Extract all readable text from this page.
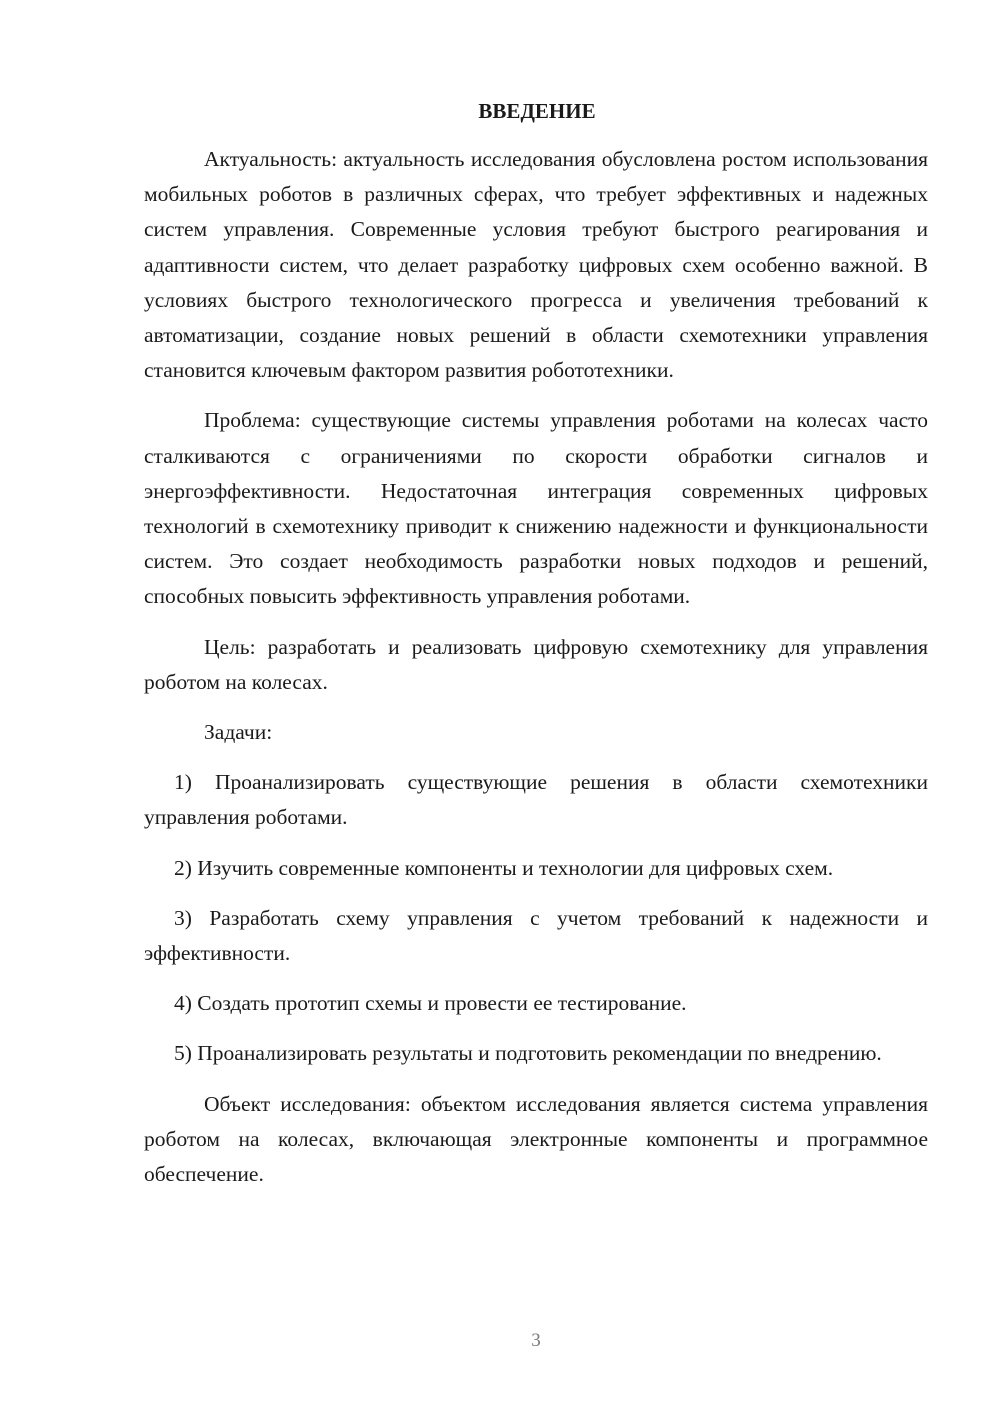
ВВЕДЕНИЕ

Актуальность: актуальность исследования обусловлена ростом использования мобильных роботов в различных сферах, что требует эффективных и надежных систем управления. Современные условия требуют быстрого реагирования и адаптивности систем, что делает разработку цифровых схем особенно важной. В условиях быстрого технологического прогресса и увеличения требований к автоматизации, создание новых решений в области схемотехники управления становится ключевым фактором развития робототехники.

Проблема: существующие системы управления роботами на колесах часто сталкиваются с ограничениями по скорости обработки сигналов и энергоэффективности. Недостаточная интеграция современных цифровых технологий в схемотехнику приводит к снижению надежности и функциональности систем. Это создает необходимость разработки новых подходов и решений, способных повысить эффективность управления роботами.

Цель: разработать и реализовать цифровую схемотехнику для управления роботом на колесах.

Задачи:

1) Проанализировать существующие решения в области схемотехники управления роботами.

2) Изучить современные компоненты и технологии для цифровых схем.

3) Разработать схему управления с учетом требований к надежности и эффективности.

4) Создать прототип схемы и провести ее тестирование.

5) Проанализировать результаты и подготовить рекомендации по внедрению.

Объект исследования: объектом исследования является система управления роботом на колесах, включающая электронные компоненты и программное обеспечение.

3
